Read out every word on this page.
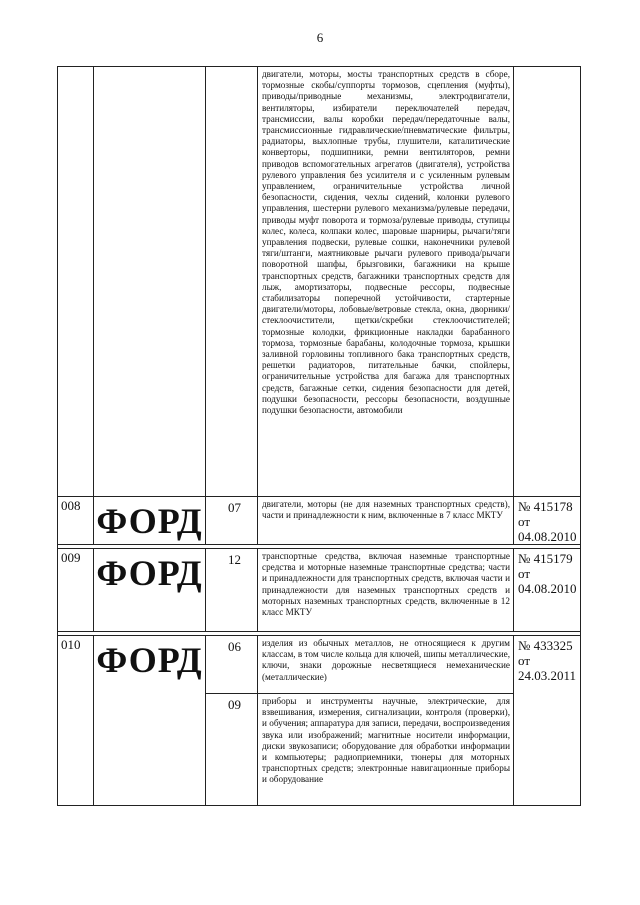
6
			двигатели, моторы, мосты транспортных средств в сборе, тормозные скобы/суппорты тормозов, сцепления (муфты), приводы/приводные механизмы, электродвигатели, вентиляторы, избиратели переключателей передач, трансмиссии, валы коробки передач/передаточные валы, трансмиссионные гидравлические/пневматические фильтры, радиаторы, выхлопные трубы, глушители, каталитические конверторы, подшипники, ремни вентиляторов, ремни приводов вспомогательных агрегатов (двигателя), устройства рулевого управления без усилителя и с усиленным рулевым управлением, ограничительные устройства личной безопасности, сидения, чехлы сидений, колонки рулевого управления, шестерни рулевого механизма/рулевые передачи, приводы муфт поворота и тормоза/рулевые приводы, ступицы колес, колеса, колпаки колес, шаровые шарниры, рычаги/тяги управления подвески, рулевые сошки, наконечники рулевой тяги/штанги, маятниковые рычаги рулевого привода/рычаги поворотной шапфы, брызговики, багажники на крыше транспортных средств, багажники транспортных средств для лыж, амортизаторы, подвесные рессоры, подвесные стабилизаторы поперечной устойчивости, стартерные двигатели/моторы, лобовые/ветровые стекла, окна, дворники/стеклоочистители, щетки/скребки стеклоочистителей; тормозные колодки, фрикционные накладки барабанного тормоза, тормозные барабаны, колодочные тормоза, крышки заливной горловины топливного бака транспортных средств, решетки радиаторов, питательные бачки, спойлеры, ограничительные устройства для багажа для транспортных средств, багажные сетки, сидения безопасности для детей, подушки безопасности, рессоры безопасности, воздушные подушки безопасности, автомобили	
008	ФОРД	07	двигатели, моторы (не для наземных транспортных средств), части и принадлежности к ним, включенные в 7 класс МКТУ	№ 415178 от 04.08.2010

009	ФОРД	12	транспортные средства, включая наземные транспортные средства и моторные наземные транспортные средства; части и принадлежности для транспортных средств, включая части и принадлежности для наземных транспортных средств и моторных наземных транспортных средств, включенные в 12 класс МКТУ	№ 415179 от 04.08.2010

010	ФОРД	06	изделия из обычных металлов, не относящиеся к другим классам, в том числе кольца для ключей, шипы металлические, ключи, знаки дорожные несветящиеся немеханические (металлические)	№ 433325 от 24.03.2011
		09	приборы и инструменты научные, электрические, для взвешивания, измерения, сигнализации, контроля (проверки), и обучения; аппаратура для записи, передачи, воспроизведения звука или изображений; магнитные носители информации, диски звукозаписи; оборудование для обработки информации и компьютеры; радиоприемники, тюнеры для моторных транспортных средств; электронные навигационные приборы и оборудование	
